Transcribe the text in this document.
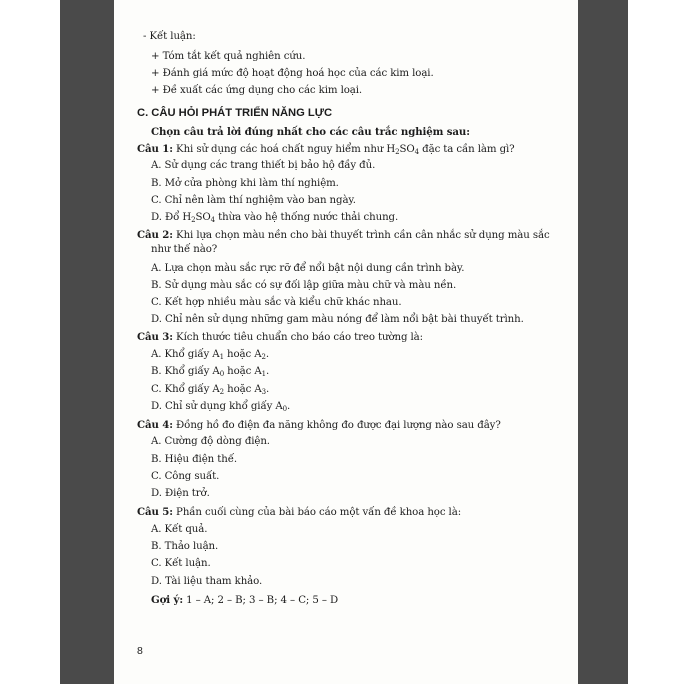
- Kết luận:
+ Tóm tắt kết quả nghiên cứu.
+ Đánh giá mức độ hoạt động hoá học của các kim loại.
+ Đề xuất các ứng dụng cho các kim loại.
C. CÂU HỎI PHÁT TRIỂN NĂNG LỰC
Chọn câu trả lời đúng nhất cho các câu trắc nghiệm sau:
Câu 1: Khi sử dụng các hoá chất nguy hiểm như $H_2SO_4$ đặc ta cần làm gì?
A. Sử dụng các trang thiết bị bảo hộ đầy đủ.
B. Mở cửa phòng khi làm thí nghiệm.
C. Chỉ nên làm thí nghiệm vào ban ngày.
D. Đổ $H_2SO_4$ thừa vào hệ thống nước thải chung.
Câu 2: Khi lựa chọn màu nền cho bài thuyết trình cần cân nhắc sử dụng màu sắc
như thế nào?
A. Lựa chọn màu sắc rực rỡ để nổi bật nội dung cần trình bày.
B. Sử dụng màu sắc có sự đối lập giữa màu chữ và màu nền.
C. Kết hợp nhiều màu sắc và kiểu chữ khác nhau.
D. Chỉ nên sử dụng những gam màu nóng để làm nổi bật bài thuyết trình.
Câu 3: Kích thước tiêu chuẩn cho báo cáo treo tường là:
A. Khổ giấy $A_1$ hoặc $A_2$.
B. Khổ giấy $A_0$ hoặc $A_1$.
C. Khổ giấy $A_2$ hoặc $A_3$.
D. Chỉ sử dụng khổ giấy $A_0$.
Câu 4: Đồng hồ đo điện đa năng không đo được đại lượng nào sau đây?
A. Cường độ dòng điện.
B. Hiệu điện thế.
C. Công suất.
D. Điện trở.
Câu 5: Phần cuối cùng của bài báo cáo một vấn đề khoa học là:
A. Kết quả.
B. Thảo luận.
C. Kết luận.
D. Tài liệu tham khảo.
Gợi ý: 1 – A; 2 – B; 3 – B; 4 – C; 5 – D
8
